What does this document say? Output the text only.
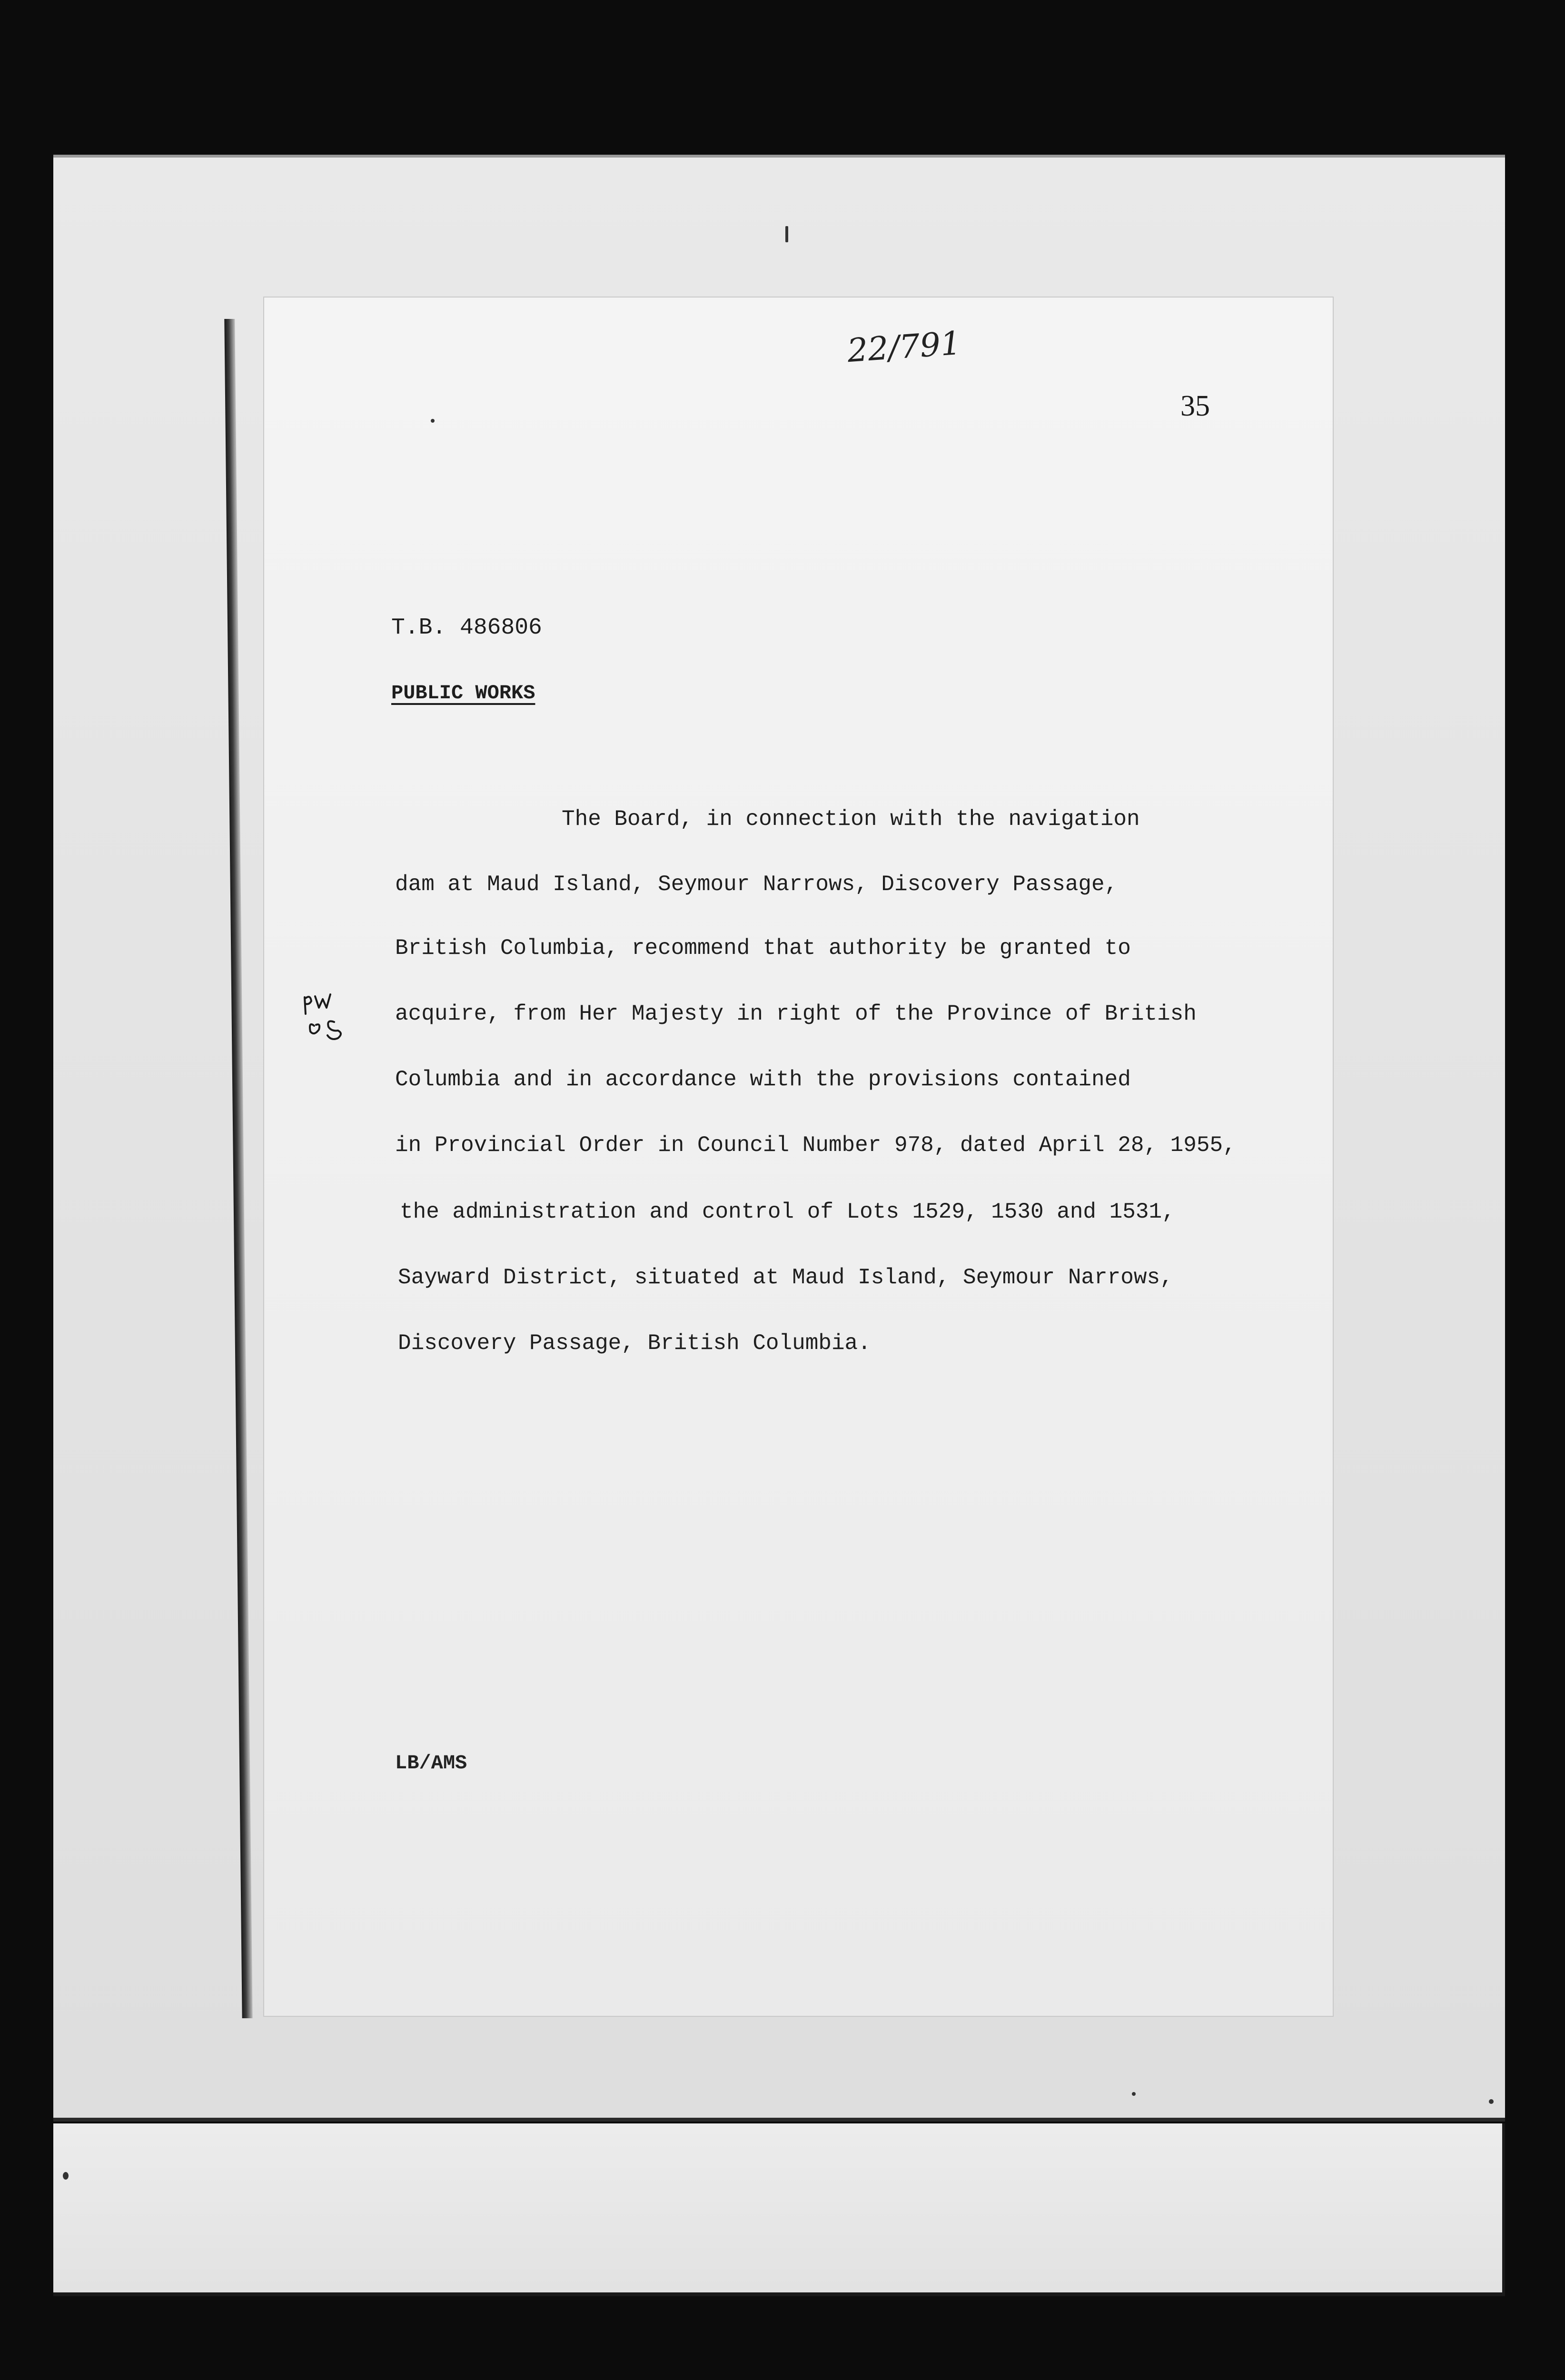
22/791
35
T.B. 486806
PUBLIC WORKS
The Board, in connection with the navigation
dam at Maud Island, Seymour Narrows, Discovery Passage,
British Columbia, recommend that authority be granted to
acquire, from Her Majesty in right of the Province of British
Columbia and in accordance with the provisions contained
in Provincial Order in Council Number 978, dated April 28, 1955,
the administration and control of Lots 1529, 1530 and 1531,
Sayward District, situated at Maud Island, Seymour Narrows,
Discovery Passage, British Columbia.
LB/AMS
